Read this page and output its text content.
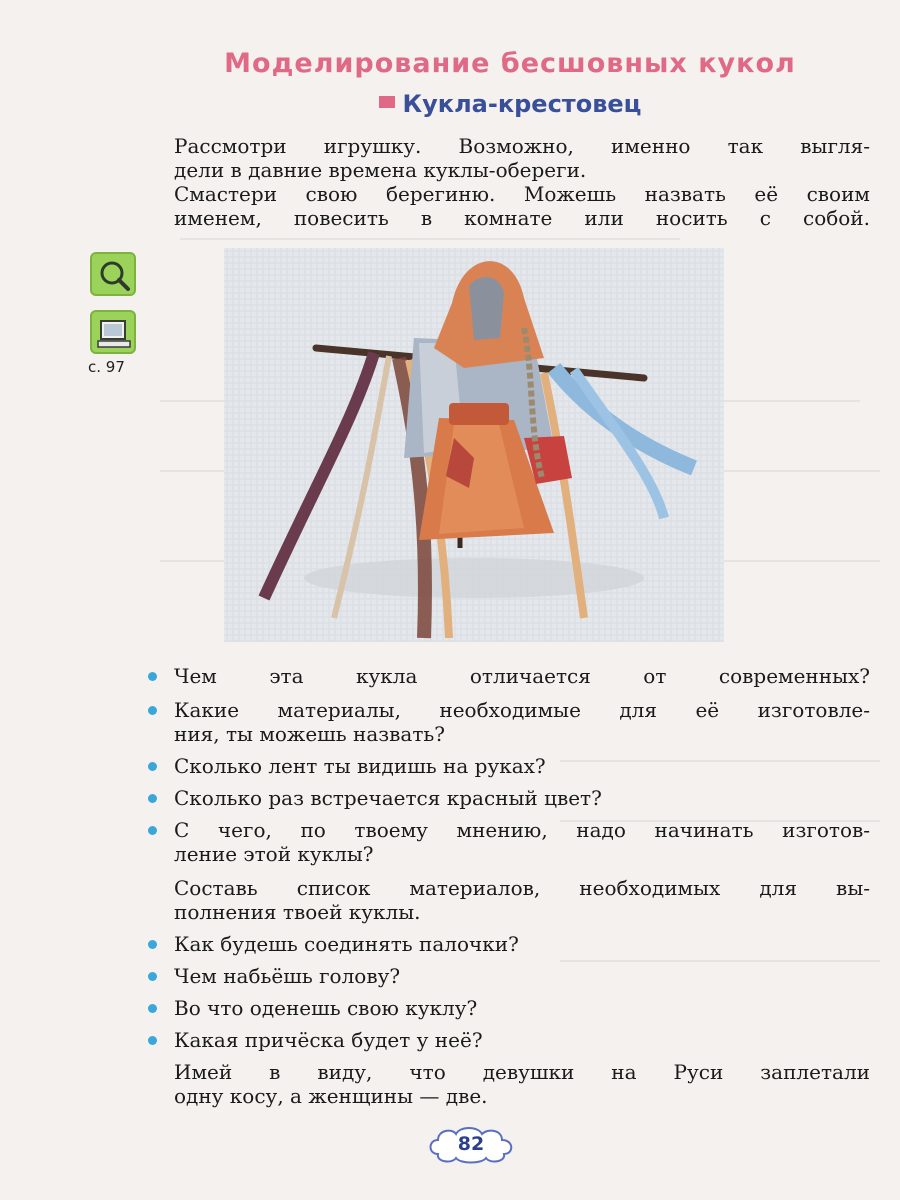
Моделирование бесшовных кукол
Кукла-крестовец
Рассмотри игрушку. Возможно, именно так выгля-
дели в давние времена куклы-обереги.
Смастери свою берегиню. Можешь назвать её своим
именем, повесить в комнате или носить с собой.
с. 97
Чем эта кукла отличается от современных?
Какие материалы, необходимые для её изготовле-
ния, ты можешь назвать?
Сколько лент ты видишь на руках?
Сколько раз встречается красный цвет?
С чего, по твоему мнению, надо начинать изготов-
ление этой куклы?
Составь список материалов, необходимых для вы-
полнения твоей куклы.
Как будешь соединять палочки?
Чем набьёшь голову?
Во что оденешь свою куклу?
Какая причёска будет у неё?
Имей в виду, что девушки на Руси заплетали
одну косу, а женщины — две.
82
